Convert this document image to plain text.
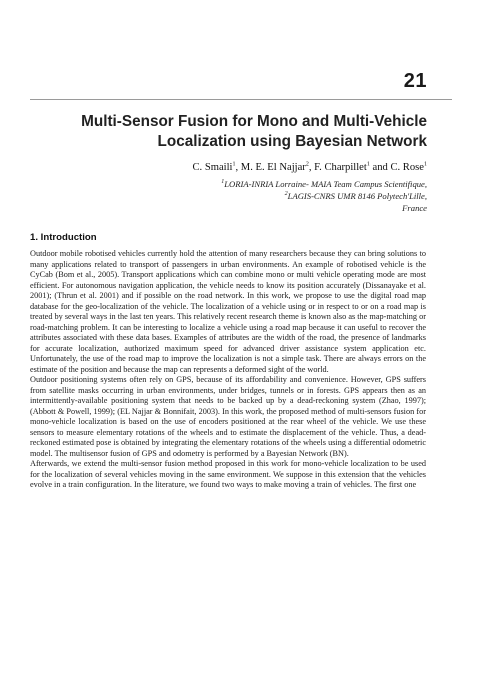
21
Multi-Sensor Fusion for Mono and Multi-Vehicle
Localization using Bayesian Network
C. Smaili$^1$, M. E. El Najjar$^2$, F. Charpillet$^1$ and C. Rose$^1$
$^1$LORIA-INRIA Lorraine- MAIA Team Campus Scientifique,
$^2$LAGIS-CNRS UMR 8146 Polytech'Lille,
France
1. Introduction

Outdoor mobile robotised vehicles currently hold the attention of many researchers because they can bring solutions to many applications related to transport of passengers in urban environments. An example of robotised vehicle is the CyCab (Bom et al., 2005). Transport applications which can combine mono or multi vehicle operating mode are most efficient. For autonomous navigation application, the vehicle needs to know its position accurately (Dissanayake et al. 2001); (Thrun et al. 2001) and if possible on the road network. In this work, we propose to use the digital road map database for the geo-localization of the vehicle. The localization of a vehicle using or in respect to or on a road map is treated by several ways in the last ten years. This relatively recent research theme is known also as the map-matching or road-matching problem. It can be interesting to localize a vehicle using a road map because it can useful to recover the attributes associated with these data bases. Examples of attributes are the width of the road, the presence of landmarks for accurate localization, authorized maximum speed for advanced driver assistance system application etc. Unfortunately, the use of the road map to improve the localization is not a simple task. There are always errors on the estimate of the position and because the map can represents a deformed sight of the world.

Outdoor positioning systems often rely on GPS, because of its affordability and convenience. However, GPS suffers from satellite masks occurring in urban environments, under bridges, tunnels or in forests. GPS appears then as an intermittently-available positioning system that needs to be backed up by a dead-reckoning system (Zhao, 1997); (Abbott & Powell, 1999); (EL Najjar & Bonnifait, 2003). In this work, the proposed method of multi-sensors fusion for mono-vehicle localization is based on the use of encoders positioned at the rear wheel of the vehicle. We use these sensors to measure elementary rotations of the wheels and to estimate the displacement of the vehicle. Thus, a dead-reckoned estimated pose is obtained by integrating the elementary rotations of the wheels using a differential odometric model. The multisensor fusion of GPS and odometry is performed by a Bayesian Network (BN).

Afterwards, we extend the multi-sensor fusion method proposed in this work for mono-vehicle localization to be used for the localization of several vehicles moving in the same environment. We suppose in this extension that the vehicles evolve in a train configuration. In the literature, we found two ways to make moving a train of vehicles. The first one
